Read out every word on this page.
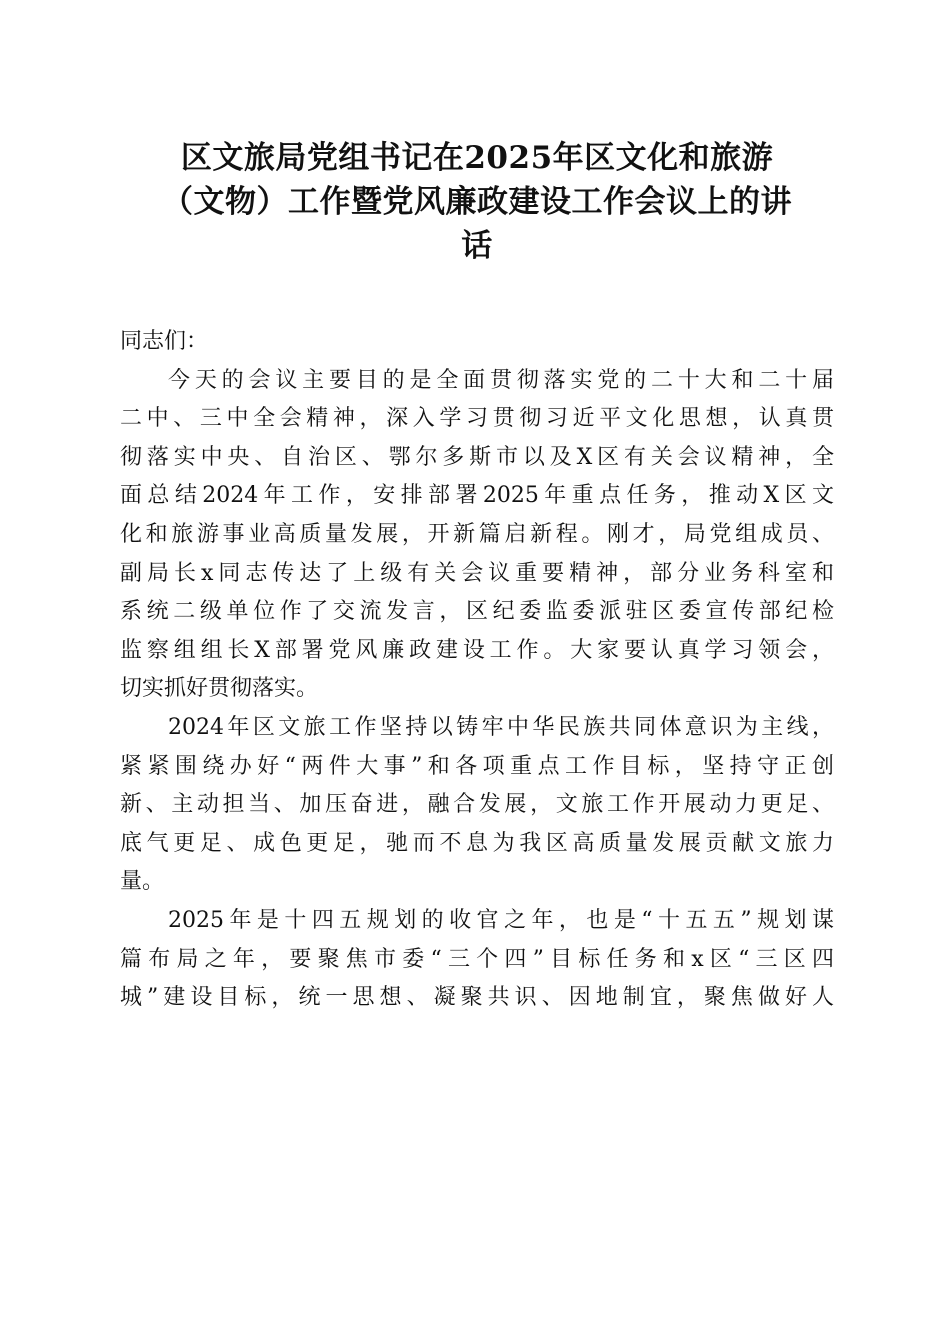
区文旅局党组书记在2025年区文化和旅游
（文物）工作暨党风廉政建设工作会议上的讲
话
同志们：
今天的会议主要目的是全面贯彻落实党的二十大和二十届
二中、三中全会精神，深入学习贯彻习近平文化思想，认真贯
彻落实中央、自治区、鄂尔多斯市以及X区有关会议精神，全
面总结2024年工作，安排部署2025年重点任务，推动X区文
化和旅游事业高质量发展，开新篇启新程。刚才，局党组成员、
副局长x同志传达了上级有关会议重要精神，部分业务科室和
系统二级单位作了交流发言，区纪委监委派驻区委宣传部纪检
监察组组长X部署党风廉政建设工作。大家要认真学习领会，
切实抓好贯彻落实。
2024年区文旅工作坚持以铸牢中华民族共同体意识为主线，
紧紧围绕办好“两件大事”和各项重点工作目标，坚持守正创
新、主动担当、加压奋进，融合发展，文旅工作开展动力更足、
底气更足、成色更足，驰而不息为我区高质量发展贡献文旅力
量。
2025年是十四五规划的收官之年，也是“十五五”规划谋
篇布局之年，要聚焦市委“三个四”目标任务和x区“三区四
城”建设目标，统一思想、凝聚共识、因地制宜，聚焦做好人
